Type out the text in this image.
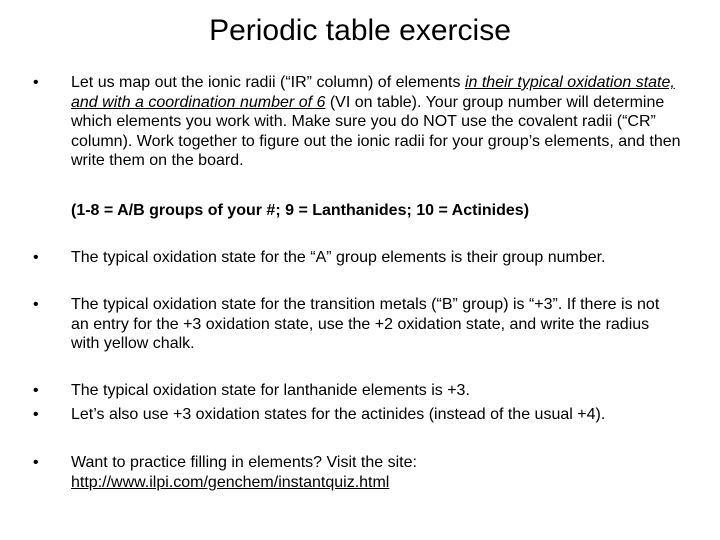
Periodic table exercise
• Let us map out the ionic radii (“IR” column) of elements in their typical oxidation state, and with a coordination number of 6 (VI on table). Your group number will determine which elements you work with. Make sure you do NOT use the covalent radii (“CR” column). Work together to figure out the ionic radii for your group’s elements, and then write them on the board.
(1-8 = A/B groups of your #; 9 = Lanthanides; 10 = Actinides)
• The typical oxidation state for the “A” group elements is their group number.
• The typical oxidation state for the transition metals (“B” group) is “+3”. If there is not an entry for the +3 oxidation state, use the +2 oxidation state, and write the radius with yellow chalk.
• The typical oxidation state for lanthanide elements is +3.
• Let’s also use +3 oxidation states for the actinides (instead of the usual +4).
• Want to practice filling in elements? Visit the site:
http://www.ilpi.com/genchem/instantquiz.html
